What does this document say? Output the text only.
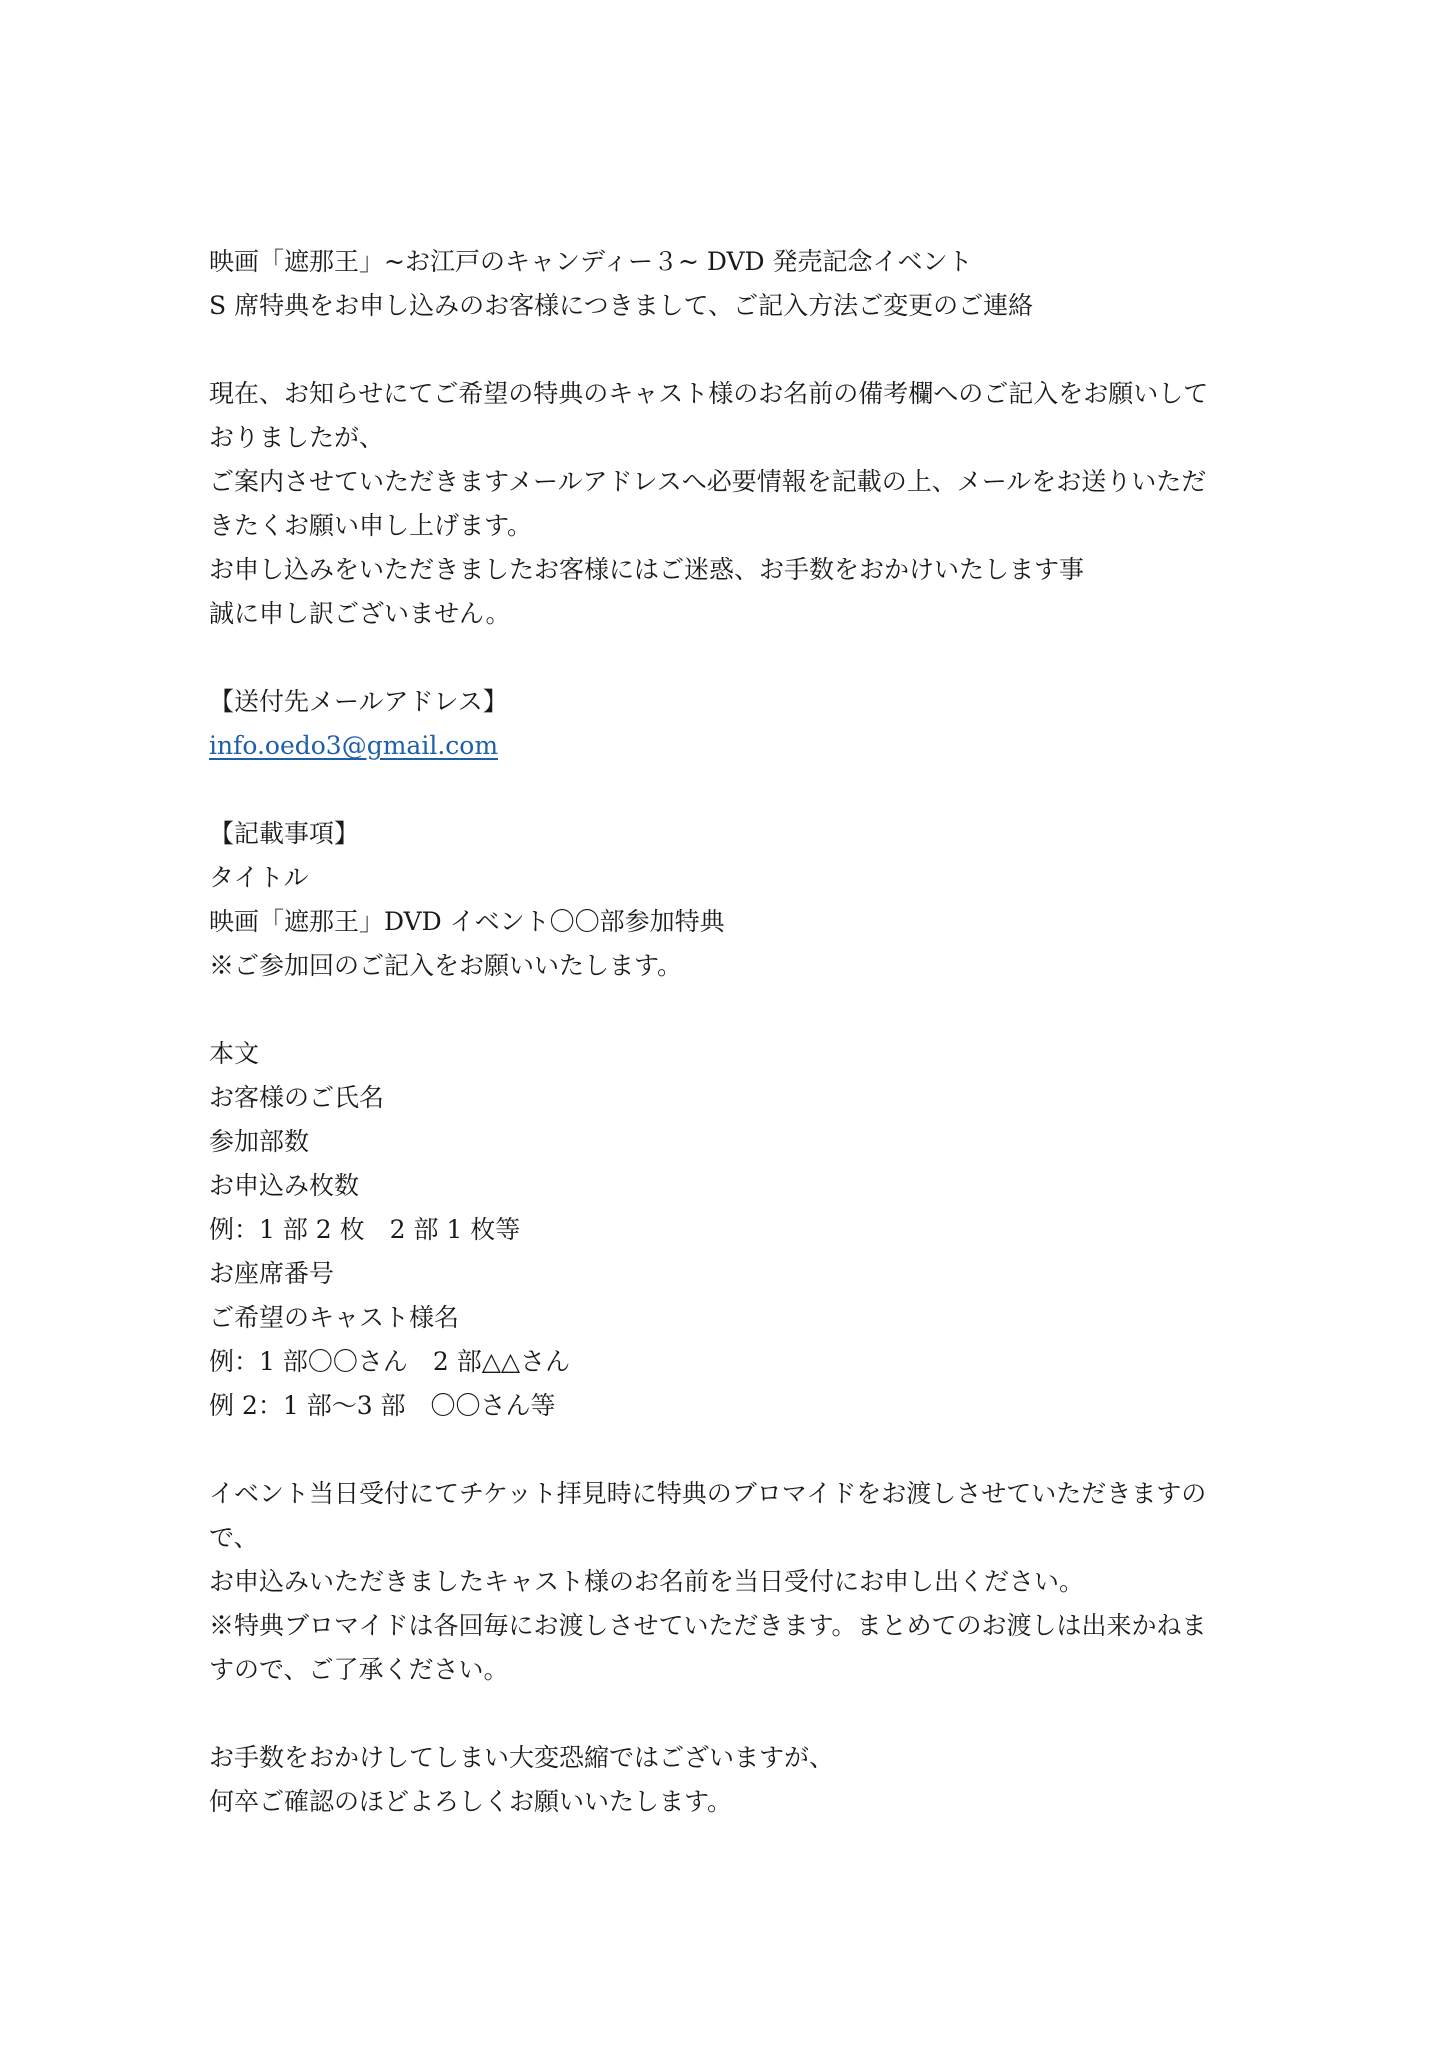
映画「遮那王」~お江戸のキャンディー３~ DVD 発売記念イベント
S 席特典をお申し込みのお客様につきまして、ご記入方法ご変更のご連絡
現在、お知らせにてご希望の特典のキャスト様のお名前の備考欄へのご記入をお願いして
おりましたが、
ご案内させていただきますメールアドレスへ必要情報を記載の上、メールをお送りいただ
きたくお願い申し上げます。
お申し込みをいただきましたお客様にはご迷惑、お手数をおかけいたします事
誠に申し訳ございません。
【送付先メールアドレス】
info.oedo3@gmail.com
【記載事項】
タイトル
映画「遮那王」DVD イベント〇〇部参加特典
※ご参加回のご記入をお願いいたします。
本文
お客様のご氏名
参加部数
お申込み枚数
例：1 部 2 枚　2 部 1 枚等
お座席番号
ご希望のキャスト様名
例：1 部〇〇さん　2 部△△さん
例 2：1 部〜3 部　〇〇さん等
イベント当日受付にてチケット拝見時に特典のブロマイドをお渡しさせていただきますの
で、
お申込みいただきましたキャスト様のお名前を当日受付にお申し出ください。
※特典ブロマイドは各回毎にお渡しさせていただきます。まとめてのお渡しは出来かねま
すので、ご了承ください。
お手数をおかけしてしまい大変恐縮ではございますが、
何卒ご確認のほどよろしくお願いいたします。
